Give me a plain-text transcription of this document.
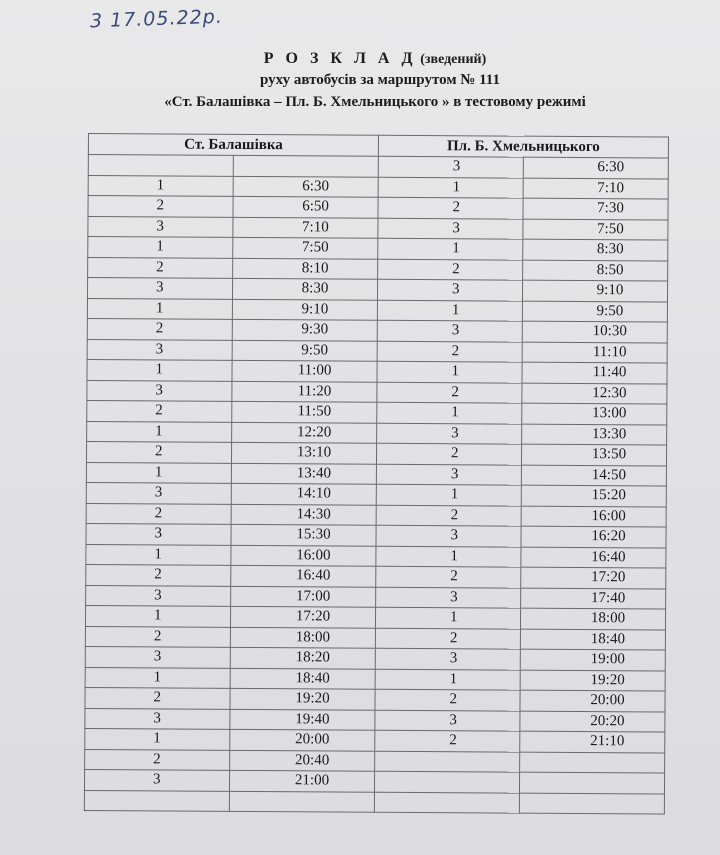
3 17.05.22р.
Р О З К Л А Д (зведений)
руху автобусів за маршрутом № 111
«Ст. Балашівка – Пл. Б. Хмельницького » в тестовому режимі
Ст. Балашівка		Пл. Б. Хмельницького	
		3	6:30
1	6:30	1	7:10
2	6:50	2	7:30
3	7:10	3	7:50
1	7:50	1	8:30
2	8:10	2	8:50
3	8:30	3	9:10
1	9:10	1	9:50
2	9:30	3	10:30
3	9:50	2	11:10
1	11:00	1	11:40
3	11:20	2	12:30
2	11:50	1	13:00
1	12:20	3	13:30
2	13:10	2	13:50
1	13:40	3	14:50
3	14:10	1	15:20
2	14:30	2	16:00
3	15:30	3	16:20
1	16:00	1	16:40
2	16:40	2	17:20
3	17:00	3	17:40
1	17:20	1	18:00
2	18:00	2	18:40
3	18:20	3	19:00
1	18:40	1	19:20
2	19:20	2	20:00
3	19:40	3	20:20
1	20:00	2	21:10
2	20:40		
3	21:00		
